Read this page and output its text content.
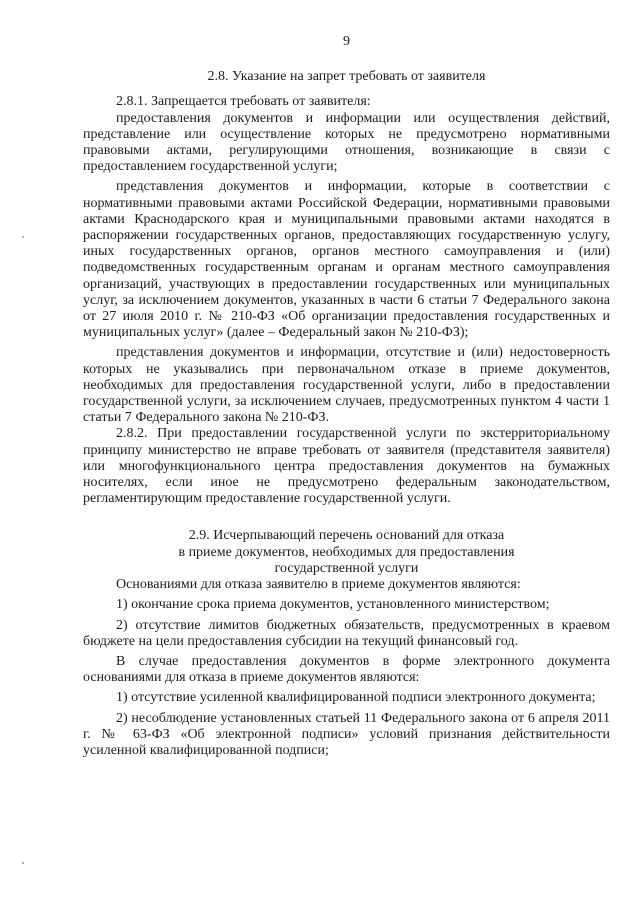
9

2.8. Указание на запрет требовать от заявителя

2.8.1. Запрещается требовать от заявителя:

предоставления документов и информации или осуществления действий, представление или осуществление которых не предусмотрено нормативными правовыми актами, регулирующими отношения, возникающие в связи с предоставлением государственной услуги;

представления документов и информации, которые в соответствии с нормативными правовыми актами Российской Федерации, нормативными правовыми актами Краснодарского края и муниципальными правовыми актами находятся в распоряжении государственных органов, предоставляющих государственную услугу, иных государственных органов, органов местного самоуправления и (или) подведомственных государственным органам и органам местного самоуправления организаций, участвующих в предоставлении государственных или муниципальных услуг, за исключением документов, указанных в части 6 статьи 7 Федерального закона от 27 июля 2010 г. № 210-ФЗ «Об организации предоставления государственных и муниципальных услуг» (далее – Федеральный закон № 210-ФЗ);

представления документов и информации, отсутствие и (или) недостоверность которых не указывались при первоначальном отказе в приеме документов, необходимых для предоставления государственной услуги, либо в предоставлении государственной услуги, за исключением случаев, предусмотренных пунктом 4 части 1 статьи 7 Федерального закона № 210-ФЗ.

2.8.2. При предоставлении государственной услуги по экстерриториальному принципу министерство не вправе требовать от заявителя (представителя заявителя) или многофункционального центра предоставления документов на бумажных носителях, если иное не предусмотрено федеральным законодательством, регламентирующим предоставление государственной услуги.

2.9. Исчерпывающий перечень оснований для отказа

в приеме документов, необходимых для предоставления

государственной услуги

Основаниями для отказа заявителю в приеме документов являются:

1) окончание срока приема документов, установленного министерством;

2) отсутствие лимитов бюджетных обязательств, предусмотренных в краевом бюджете на цели предоставления субсидии на текущий финансовый год.

В случае предоставления документов в форме электронного документа основаниями для отказа в приеме документов являются:

1) отсутствие усиленной квалифицированной подписи электронного документа;

2) несоблюдение установленных статьей 11 Федерального закона от 6 апреля 2011 г. № 63-ФЗ «Об электронной подписи» условий признания действительности усиленной квалифицированной подписи;
